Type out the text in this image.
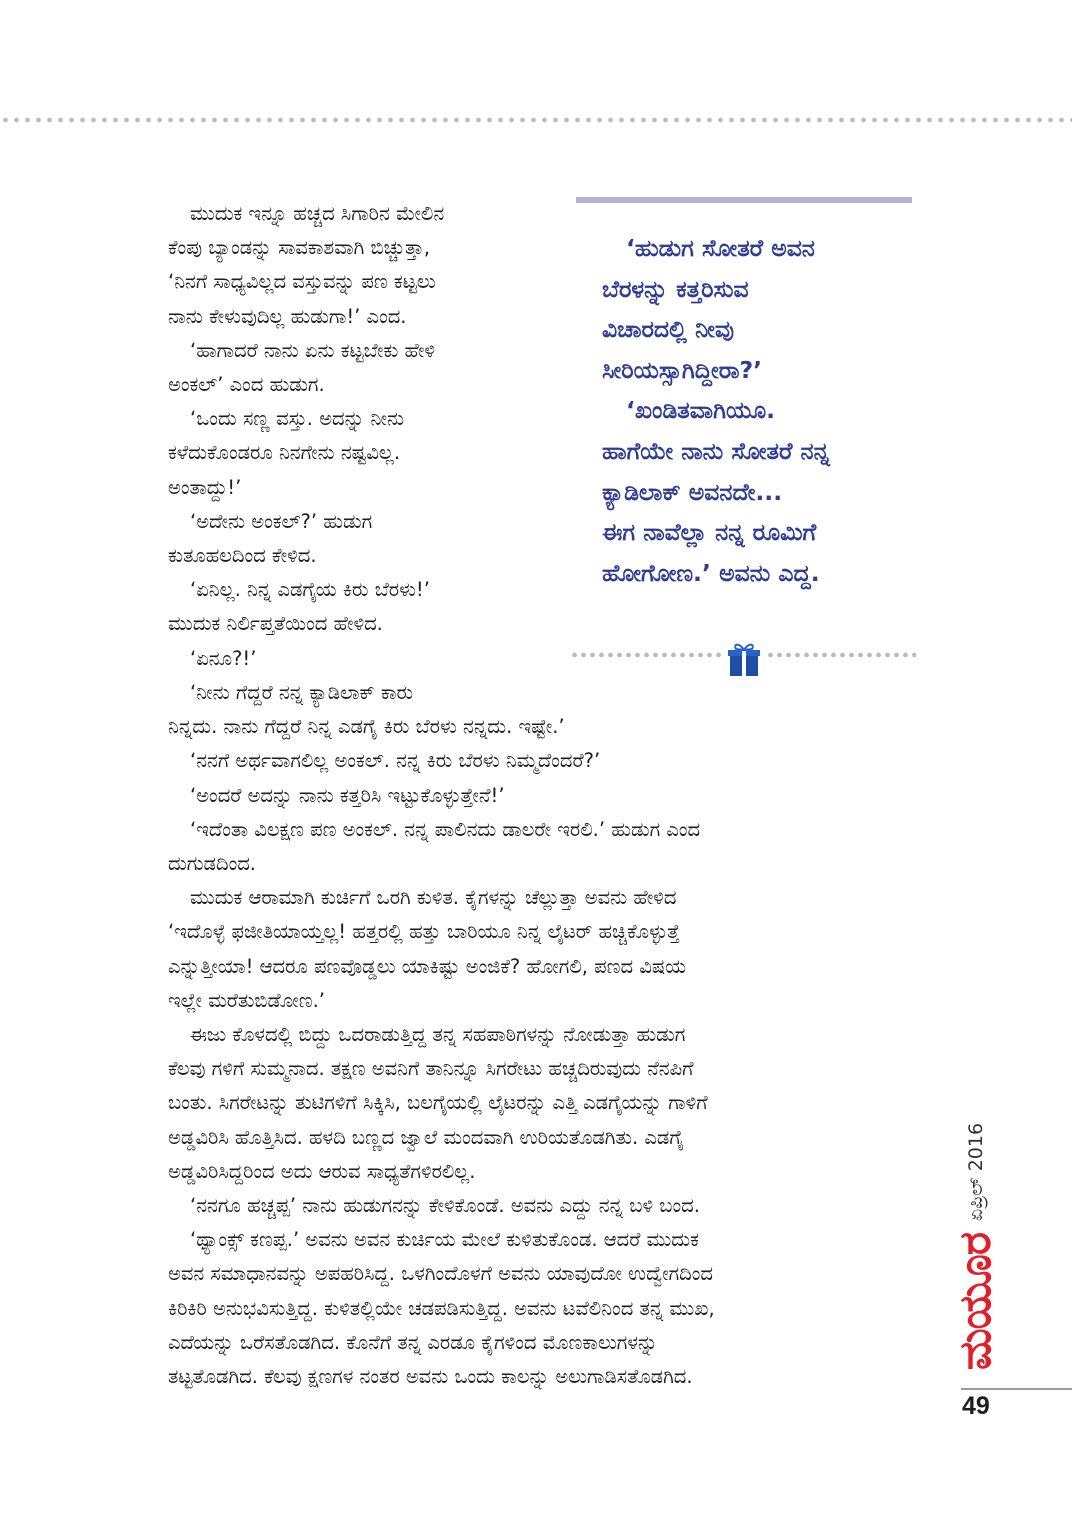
ಮುದುಕ ಇನ್ನೂ ಹಚ್ಚದ ಸಿಗಾರಿನ ಮೇಲಿನ

ಕೆಂಪು ಬ್ಯಾಂಡನ್ನು ಸಾವಕಾಶವಾಗಿ ಬಿಚ್ಚುತ್ತಾ,

‘ನಿನಗೆ ಸಾಧ್ಯವಿಲ್ಲದ ವಸ್ತುವನ್ನು ಪಣ ಕಟ್ಟಲು

ನಾನು ಕೇಳುವುದಿಲ್ಲ ಹುಡುಗಾ!’ ಎಂದ.

‘ಹಾಗಾದರೆ ನಾನು ಏನು ಕಟ್ಟಬೇಕು ಹೇಳಿ

ಅಂಕಲ್’ ಎಂದ ಹುಡುಗ.

‘ಒಂದು ಸಣ್ಣ ವಸ್ತು. ಅದನ್ನು ನೀನು

ಕಳೆದುಕೊಂಡರೂ ನಿನಗೇನು ನಷ್ಟವಿಲ್ಲ.

ಅಂತಾದ್ದು!’

‘ಅದೇನು ಅಂಕಲ್?’ ಹುಡುಗ

ಕುತೂಹಲದಿಂದ ಕೇಳಿದ.

‘ಏನಿಲ್ಲ. ನಿನ್ನ ಎಡಗೈಯ ಕಿರು ಬೆರಳು!’

ಮುದುಕ ನಿರ್ಲಿಪ್ತತೆಯಿಂದ ಹೇಳಿದ.

‘ಏನೂ?!’

‘ಹುಡುಗ ಸೋತರೆ ಅವನ

ಬೆರಳನ್ನು ಕತ್ತರಿಸುವ

ವಿಚಾರದಲ್ಲಿ ನೀವು

ಸೀರಿಯಸ್ಸಾಗಿದ್ದೀರಾ?’

‘ಖಂಡಿತವಾಗಿಯೂ.

ಹಾಗೆಯೇ ನಾನು ಸೋತರೆ ನನ್ನ

ಕ್ಯಾಡಿಲಾಕ್ ಅವನದೇ...

ಈಗ ನಾವೆಲ್ಲಾ ನನ್ನ ರೂಮಿಗೆ

ಹೋಗೋಣ.’ ಅವನು ಎದ್ದ.

‘ನೀನು ಗೆದ್ದರೆ ನನ್ನ ಕ್ಯಾಡಿಲಾಕ್ ಕಾರು

ನಿನ್ನದು. ನಾನು ಗೆದ್ದರೆ ನಿನ್ನ ಎಡಗೈ ಕಿರು ಬೆರಳು ನನ್ನದು. ಇಷ್ಟೇ.’

‘ನನಗೆ ಅರ್ಥವಾಗಲಿಲ್ಲ ಅಂಕಲ್. ನನ್ನ ಕಿರು ಬೆರಳು ನಿಮ್ಮದೆಂದರೆ?’

‘ಅಂದರೆ ಅದನ್ನು ನಾನು ಕತ್ತರಿಸಿ ಇಟ್ಟುಕೊಳ್ಳುತ್ತೇನೆ!’

‘ಇದೆಂತಾ ವಿಲಕ್ಷಣ ಪಣ ಅಂಕಲ್. ನನ್ನ ಪಾಲಿನದು ಡಾಲರೇ ಇರಲಿ.’ ಹುಡುಗ ಎಂದ

ದುಗುಡದಿಂದ.

ಮುದುಕ ಆರಾಮಾಗಿ ಕುರ್ಚಿಗೆ ಒರಗಿ ಕುಳಿತ. ಕೈಗಳನ್ನು ಚೆಲ್ಲುತ್ತಾ ಅವನು ಹೇಳಿದ

‘ಇದೊಳ್ಳೆ ಫಜೀತಿಯಾಯ್ತಲ್ಲ! ಹತ್ತರಲ್ಲಿ ಹತ್ತು ಬಾರಿಯೂ ನಿನ್ನ ಲೈಟರ್ ಹಚ್ಚಿಕೊಳ್ಳುತ್ತೆ

ಎನ್ನುತ್ತೀಯಾ! ಆದರೂ ಪಣವೊಡ್ಡಲು ಯಾಕಿಷ್ಟು ಅಂಜಿಕೆ? ಹೋಗಲಿ, ಪಣದ ವಿಷಯ

ಇಲ್ಲೇ ಮರೆತುಬಿಡೋಣ.’

ಈಜು ಕೊಳದಲ್ಲಿ ಬಿದ್ದು ಒದರಾಡುತ್ತಿದ್ದ ತನ್ನ ಸಹಪಾಠಿಗಳನ್ನು ನೋಡುತ್ತಾ ಹುಡುಗ

ಕೆಲವು ಗಳಿಗೆ ಸುಮ್ಮನಾದ. ತಕ್ಷಣ ಅವನಿಗೆ ತಾನಿನ್ನೂ ಸಿಗರೇಟು ಹಚ್ಚದಿರುವುದು ನೆನಪಿಗೆ

ಬಂತು. ಸಿಗರೇಟನ್ನು ತುಟಿಗಳಿಗೆ ಸಿಕ್ಕಿಸಿ, ಬಲಗೈಯಲ್ಲಿ ಲೈಟರನ್ನು ಎತ್ತಿ ಎಡಗೈಯನ್ನು ಗಾಳಿಗೆ

ಅಡ್ಡವಿರಿಸಿ ಹೊತ್ತಿಸಿದ. ಹಳದಿ ಬಣ್ಣದ ಜ್ವಾಲೆ ಮಂದವಾಗಿ ಉರಿಯತೊಡಗಿತು. ಎಡಗೈ

ಅಡ್ಡವಿರಿಸಿದ್ದರಿಂದ ಅದು ಆರುವ ಸಾಧ್ಯತೆಗಳಿರಲಿಲ್ಲ.

‘ನನಗೂ ಹಚ್ಚಪ್ಪ’ ನಾನು ಹುಡುಗನನ್ನು ಕೇಳಿಕೊಂಡೆ. ಅವನು ಎದ್ದು ನನ್ನ ಬಳಿ ಬಂದ.

‘ಥ್ಯಾಂಕ್ಸ್ ಕಣಪ್ಪ.’ ಅವನು ಅವನ ಕುರ್ಚಿಯ ಮೇಲೆ ಕುಳಿತುಕೊಂಡ. ಆದರೆ ಮುದುಕ

ಅವನ ಸಮಾಧಾನವನ್ನು ಅಪಹರಿಸಿದ್ದ. ಒಳಗಿಂದೊಳಗೆ ಅವನು ಯಾವುದೋ ಉದ್ವೇಗದಿಂದ

ಕಿರಿಕಿರಿ ಅನುಭವಿಸುತ್ತಿದ್ದ. ಕುಳಿತಲ್ಲಿಯೇ ಚಡಪಡಿಸುತ್ತಿದ್ದ. ಅವನು ಟವೆಲಿನಿಂದ ತನ್ನ ಮುಖ,

ಎದೆಯನ್ನು ಒರೆಸತೊಡಗಿದ. ಕೊನೆಗೆ ತನ್ನ ಎರಡೂ ಕೈಗಳಿಂದ ಮೊಣಕಾಲುಗಳನ್ನು

ತಟ್ಟತೊಡಗಿದ. ಕೆಲವು ಕ್ಷಣಗಳ ನಂತರ ಅವನು ಒಂದು ಕಾಲನ್ನು ಅಲುಗಾಡಿಸತೊಡಗಿದ.

ಏಪ್ರಿಲ್ 2016
ಮಯೂರ
49
